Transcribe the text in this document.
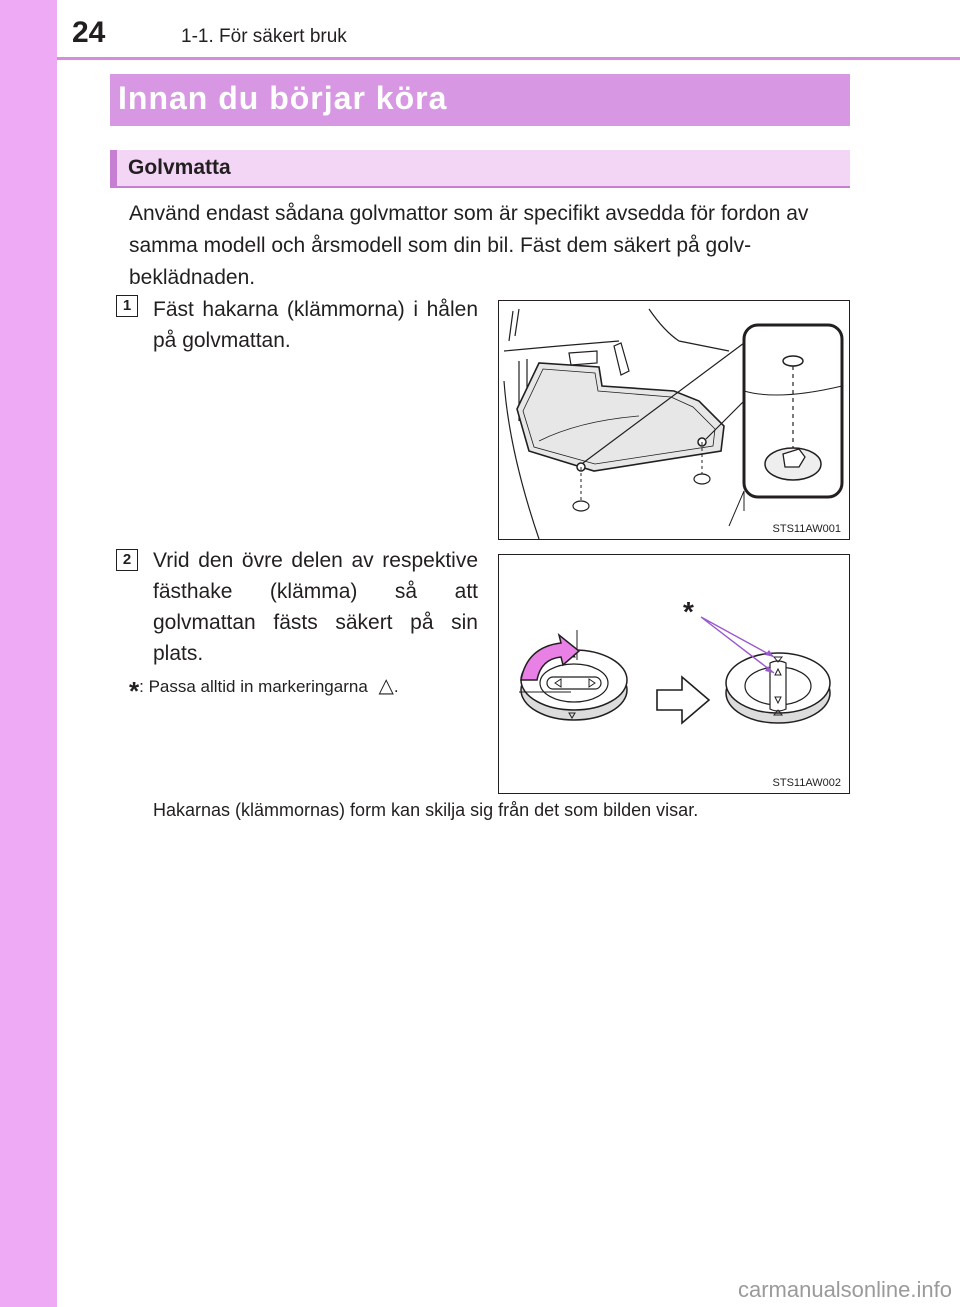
24	1-1. För säkert bruk
Innan du börjar köra
Golvmatta
Använd endast sådana golvmattor som är specifikt avsedda för fordon av samma modell och årsmodell som din bil. Fäst dem säkert på golvbeklädnaden.
1	Fäst hakarna (klämmorna) i hålen på golvmattan.
STS11AW001
2	Vrid den övre delen av respektive fästhake (klämma) så att golvmattan fästs säkert på sin plats.
*: Passa alltid in markeringarna △.
*
STS11AW002
Hakarnas (klämmornas) form kan skilja sig från det som bilden visar.
carmanualsonline.info
